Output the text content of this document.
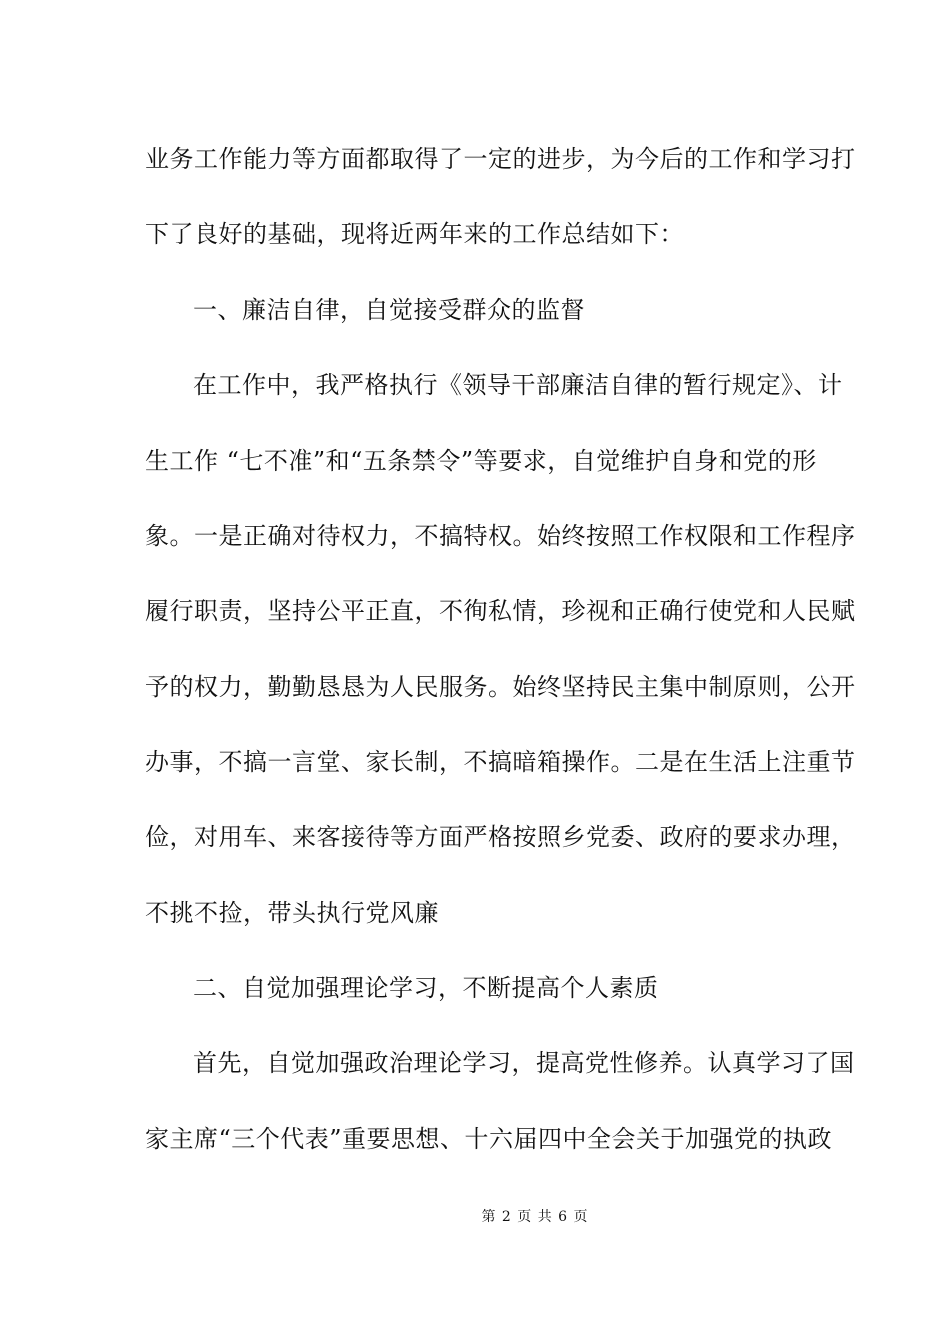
业务工作能力等方面都取得了一定的进步，为今后的工作和学习打
下了良好的基础，现将近两年来的工作总结如下：
一、廉洁自律，自觉接受群众的监督
在工作中，我严格执行《领导干部廉洁自律的暂行规定》、计
生工作 “七不准”和“五条禁令”等要求，自觉维护自身和党的形
象。一是正确对待权力，不搞特权。始终按照工作权限和工作程序
履行职责，坚持公平正直，不徇私情，珍视和正确行使党和人民赋
予的权力，勤勤恳恳为人民服务。始终坚持民主集中制原则，公开
办事，不搞一言堂、家长制，不搞暗箱操作。二是在生活上注重节
俭，对用车、来客接待等方面严格按照乡党委、政府的要求办理，
不挑不捡，带头执行党风廉
二、自觉加强理论学习，不断提高个人素质
首先，自觉加强政治理论学习，提高党性修养。认真学习了国
家主席“三个代表”重要思想、十六届四中全会关于加强党的执政
第 2 页 共 6 页
